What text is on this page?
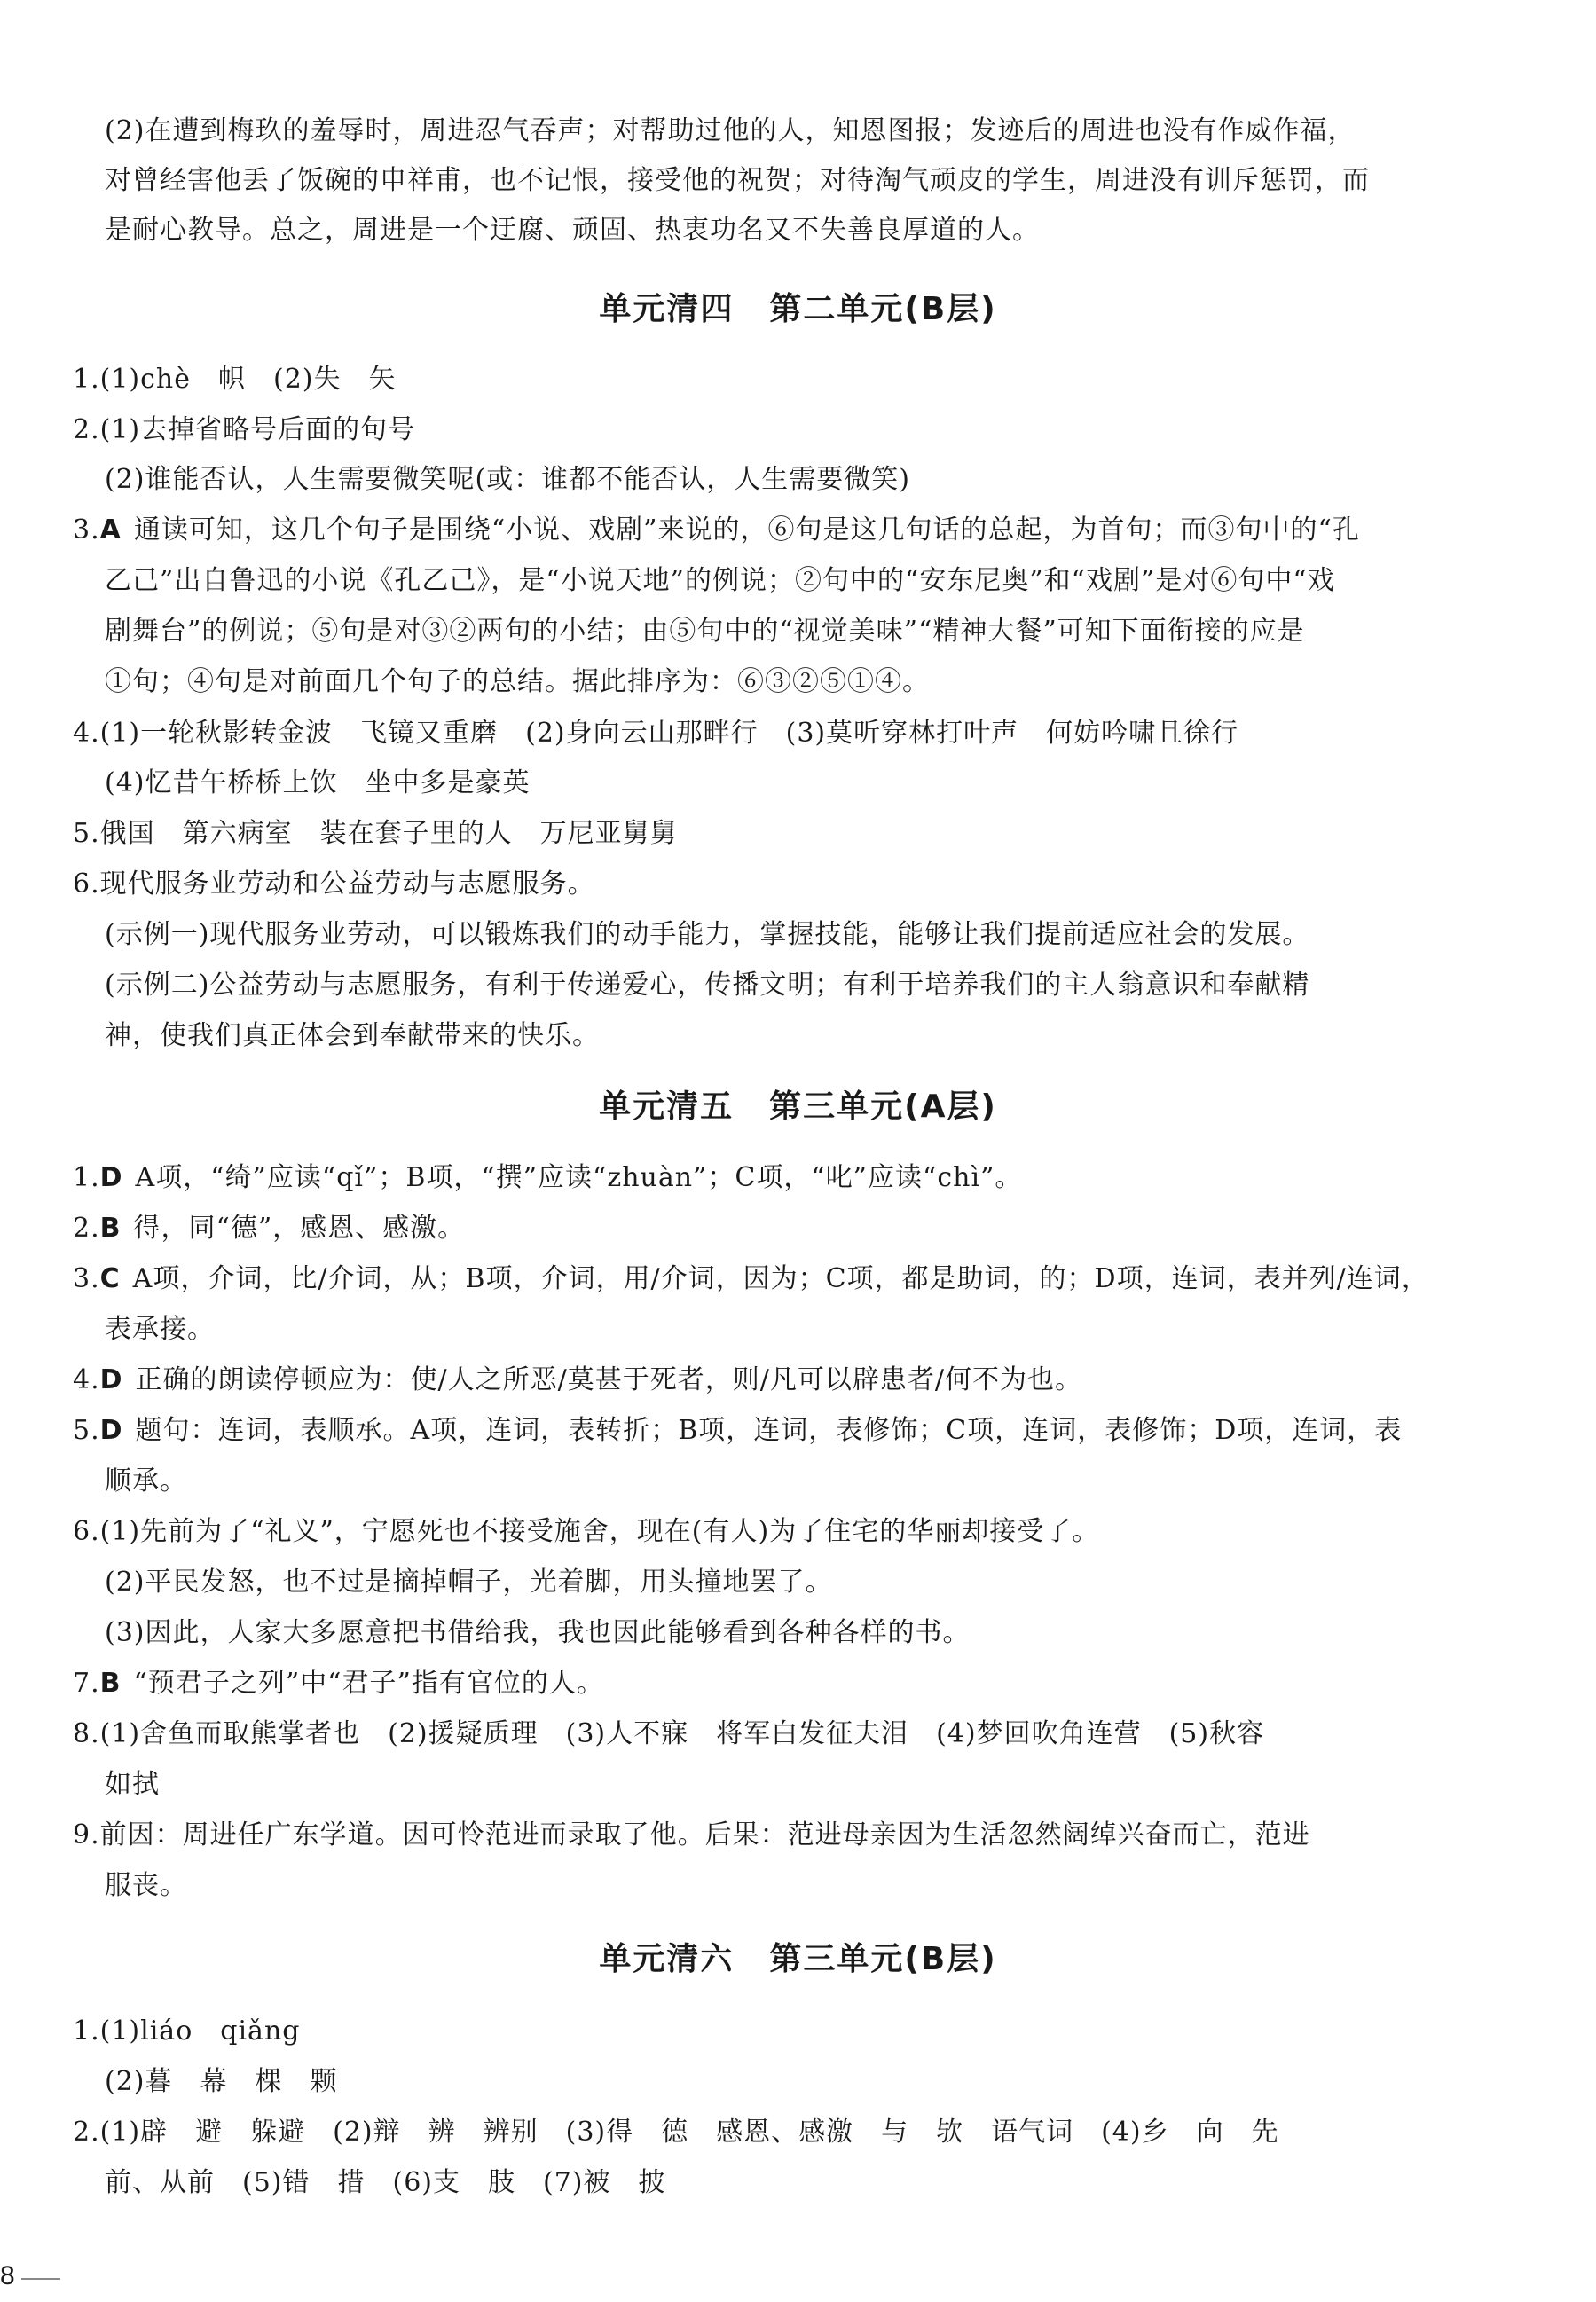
(2)在遭到梅玖的羞辱时，周进忍气吞声；对帮助过他的人，知恩图报；发迹后的周进也没有作威作福，
对曾经害他丢了饭碗的申祥甫，也不记恨，接受他的祝贺；对待淘气顽皮的学生，周进没有训斥惩罚，而
是耐心教导。总之，周进是一个迂腐、顽固、热衷功名又不失善良厚道的人。
单元清四 第二单元(B层)
1.(1)chè　帜　(2)失　矢
2.(1)去掉省略号后面的句号
(2)谁能否认，人生需要微笑呢(或：谁都不能否认，人生需要微笑)
3.A 通读可知，这几个句子是围绕“小说、戏剧”来说的，⑥句是这几句话的总起，为首句；而③句中的“孔
乙己”出自鲁迅的小说《孔乙己》，是“小说天地”的例说；②句中的“安东尼奥”和“戏剧”是对⑥句中“戏
剧舞台”的例说；⑤句是对③②两句的小结；由⑤句中的“视觉美味”“精神大餐”可知下面衔接的应是
①句；④句是对前面几个句子的总结。据此排序为：⑥③②⑤①④。
4.(1)一轮秋影转金波　飞镜又重磨　(2)身向云山那畔行　(3)莫听穿林打叶声　何妨吟啸且徐行
(4)忆昔午桥桥上饮　坐中多是豪英
5.俄国　第六病室　装在套子里的人　万尼亚舅舅
6.现代服务业劳动和公益劳动与志愿服务。
(示例一)现代服务业劳动，可以锻炼我们的动手能力，掌握技能，能够让我们提前适应社会的发展。
(示例二)公益劳动与志愿服务，有利于传递爱心，传播文明；有利于培养我们的主人翁意识和奉献精
神，使我们真正体会到奉献带来的快乐。
单元清五 第三单元(A层)
1.D A项，“绮”应读“qǐ”；B项，“撰”应读“zhuàn”；C项，“叱”应读“chì”。
2.B 得，同“德”，感恩、感激。
3.C A项，介词，比/介词，从；B项，介词，用/介词，因为；C项，都是助词，的；D项，连词，表并列/连词，
表承接。
4.D 正确的朗读停顿应为：使/人之所恶/莫甚于死者，则/凡可以辟患者/何不为也。
5.D 题句：连词，表顺承。A项，连词，表转折；B项，连词，表修饰；C项，连词，表修饰；D项，连词，表
顺承。
6.(1)先前为了“礼义”，宁愿死也不接受施舍，现在(有人)为了住宅的华丽却接受了。
(2)平民发怒，也不过是摘掉帽子，光着脚，用头撞地罢了。
(3)因此，人家大多愿意把书借给我，我也因此能够看到各种各样的书。
7.B “预君子之列”中“君子”指有官位的人。
8.(1)舍鱼而取熊掌者也　(2)援疑质理　(3)人不寐　将军白发征夫泪　(4)梦回吹角连营　(5)秋容
如拭
9.前因：周进任广东学道。因可怜范进而录取了他。后果：范进母亲因为生活忽然阔绰兴奋而亡，范进
服丧。
单元清六 第三单元(B层)
1.(1)liáo　qiǎng
(2)暮　幕　棵　颗
2.(1)辟　避　躲避　(2)辩　辨　辨别　(3)得　德　感恩、感激　与　欤　语气词　(4)乡　向　先
前、从前　(5)错　措　(6)支　肢　(7)被　披
8
